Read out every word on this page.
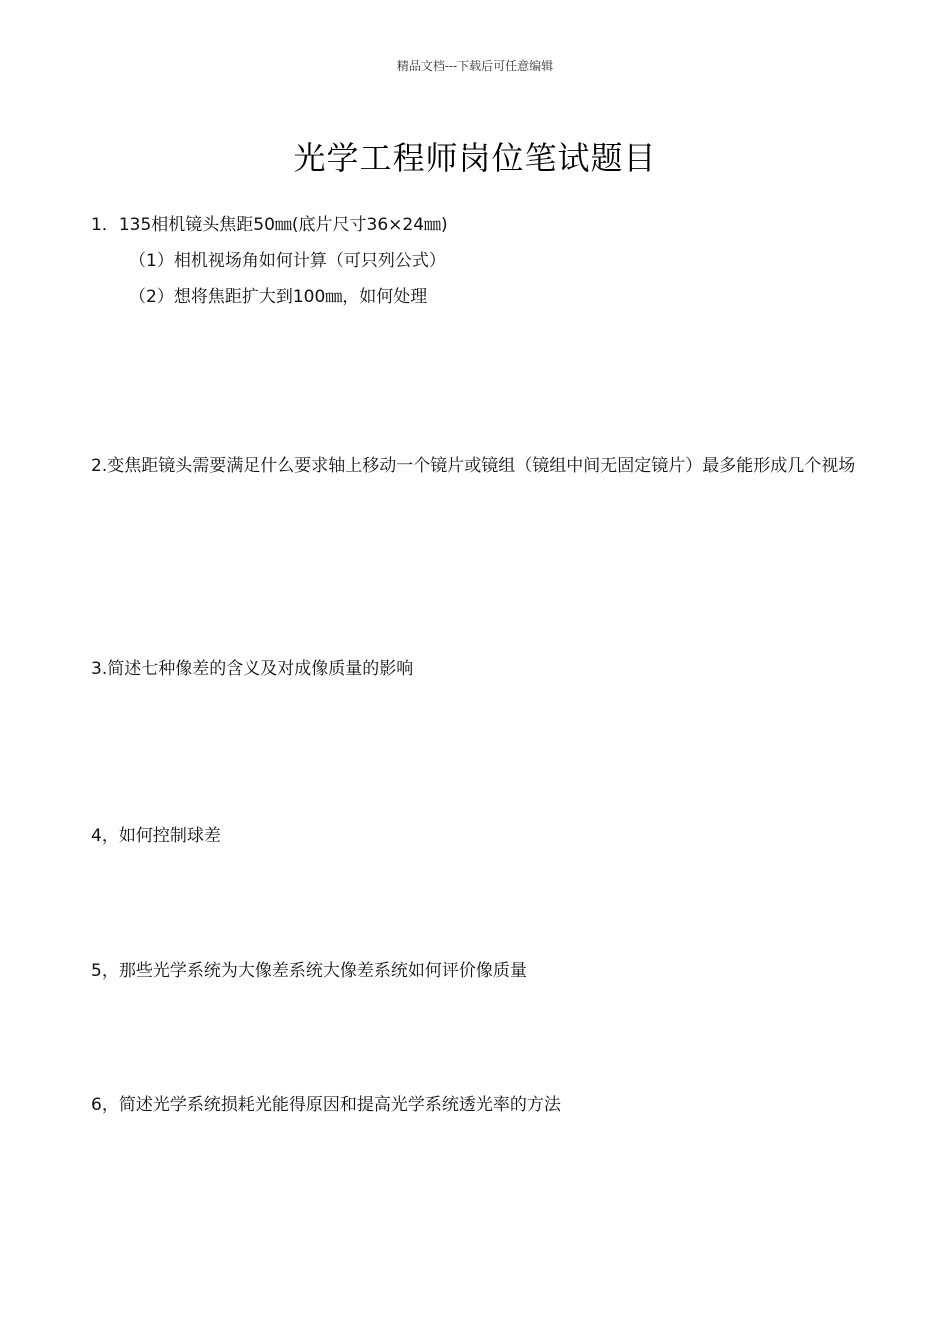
精品文档---下载后可任意编辑
光学工程师岗位笔试题目
1．135相机镜头焦距50㎜(底片尺寸36×24㎜)
（1）相机视场角如何计算（可只列公式）
（2）想将焦距扩大到100㎜，如何处理
2.变焦距镜头需要满足什么要求轴上移动一个镜片或镜组（镜组中间无固定镜片）最多能形成几个视场
3.简述七种像差的含义及对成像质量的影响
4，如何控制球差
5，那些光学系统为大像差系统大像差系统如何评价像质量
6，简述光学系统损耗光能得原因和提高光学系统透光率的方法
